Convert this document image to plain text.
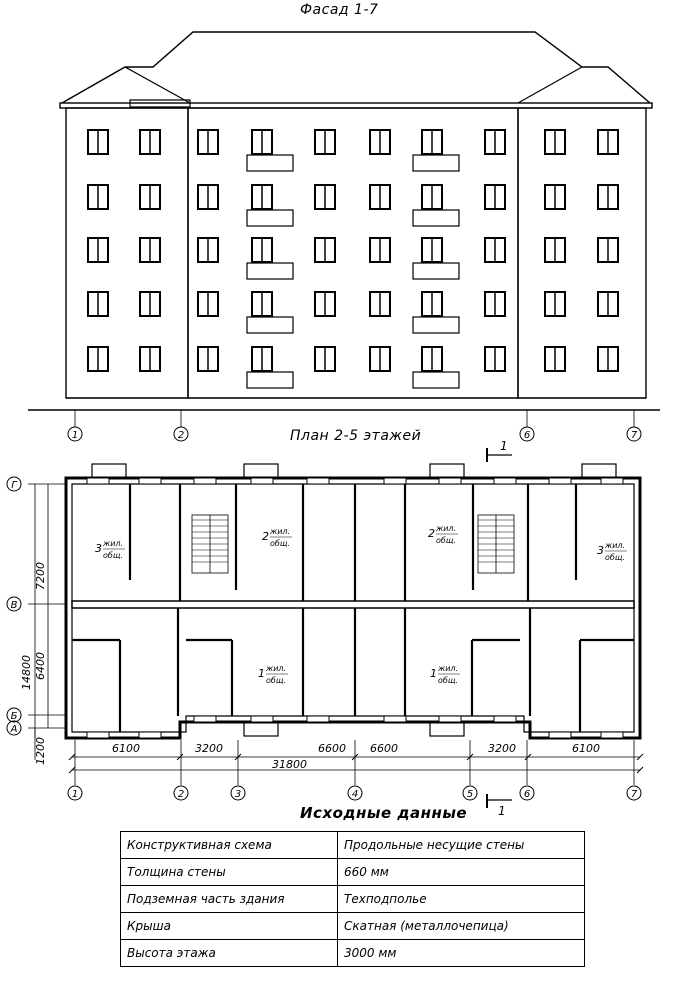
Фасад 1-7
План 2-5 этажей
1	2	6	7
1
3 жил.
общ.
2 жил.
общ.
2 жил.
общ.
3 жил.
общ.
1 жил.
общ.
1 жил.
общ.
1	2	3	4	5	6	7
Г
В
Б
А
6100	3200	6600 6600	3200	6100
31800
7200
6400
14800
1200
1
Исходные данные
Конструктивная схема	Продольные несущие стены
Толщина стены	660 мм
Подземная часть здания	Техподполье
Крыша	Скатная (металлочепица)
Высота этажа	3000 мм
